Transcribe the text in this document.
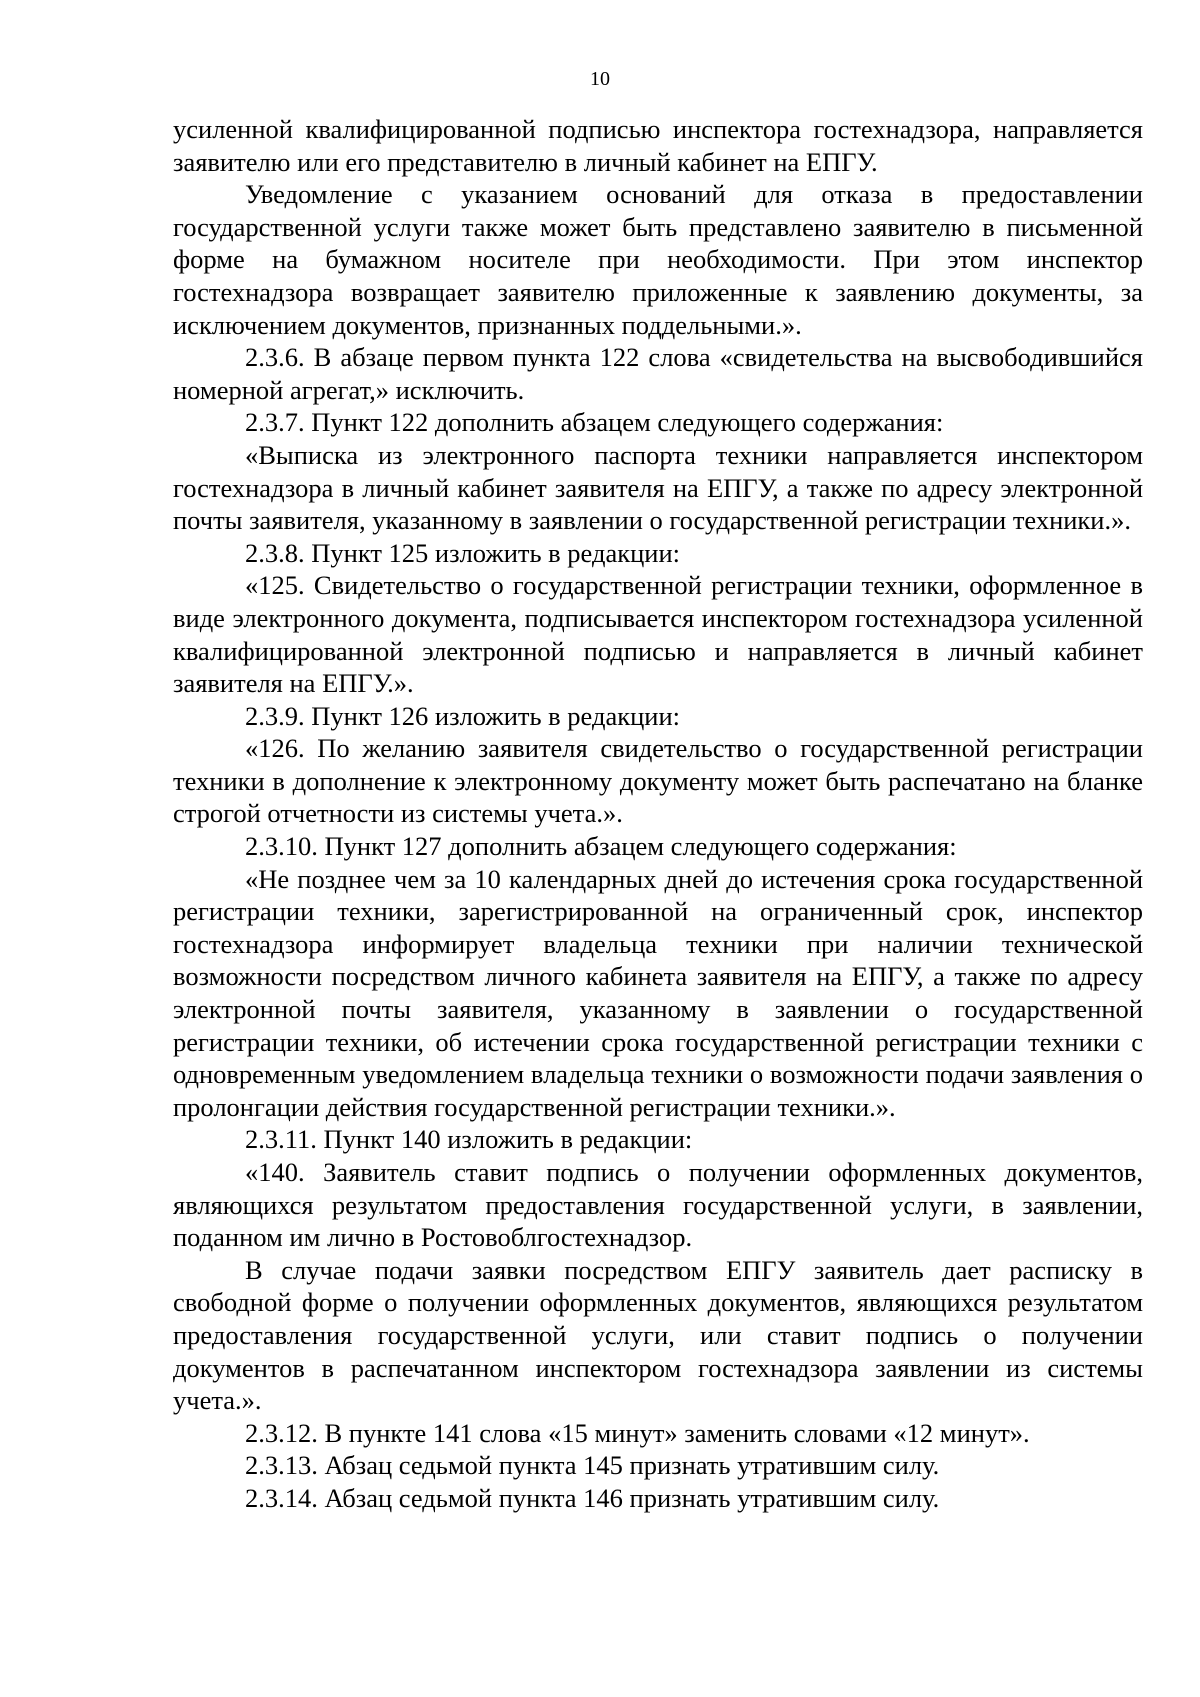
10

усиленной квалифицированной подписью инспектора гостехнадзора, направляется заявителю или его представителю в личный кабинет на ЕПГУ.

Уведомление с указанием оснований для отказа в предоставлении государственной услуги также может быть представлено заявителю в письменной форме на бумажном носителе при необходимости. При этом инспектор гостехнадзора возвращает заявителю приложенные к заявлению документы, за исключением документов, признанных поддельными.».

2.3.6. В абзаце первом пункта 122 слова «свидетельства на высвободившийся номерной агрегат,» исключить.

2.3.7. Пункт 122 дополнить абзацем следующего содержания:

«Выписка из электронного паспорта техники направляется инспектором гостехнадзора в личный кабинет заявителя на ЕПГУ, а также по адресу электронной почты заявителя, указанному в заявлении о государственной регистрации техники.».

2.3.8. Пункт 125 изложить в редакции:

«125. Свидетельство о государственной регистрации техники, оформленное в виде электронного документа, подписывается инспектором гостехнадзора усиленной квалифицированной электронной подписью и направляется в личный кабинет заявителя на ЕПГУ.».

2.3.9. Пункт 126 изложить в редакции:

«126. По желанию заявителя свидетельство о государственной регистрации техники в дополнение к электронному документу может быть распечатано на бланке строгой отчетности из системы учета.».

2.3.10. Пункт 127 дополнить абзацем следующего содержания:

«Не позднее чем за 10 календарных дней до истечения срока государственной регистрации техники, зарегистрированной на ограниченный срок, инспектор гостехнадзора информирует владельца техники при наличии технической возможности посредством личного кабинета заявителя на ЕПГУ, а также по адресу электронной почты заявителя, указанному в заявлении о государственной регистрации техники, об истечении срока государственной регистрации техники с одновременным уведомлением владельца техники о возможности подачи заявления о пролонгации действия государственной регистрации техники.».

2.3.11. Пункт 140 изложить в редакции:

«140. Заявитель ставит подпись о получении оформленных документов, являющихся результатом предоставления государственной услуги, в заявлении, поданном им лично в Ростовоблгостехнадзор.

В случае подачи заявки посредством ЕПГУ заявитель дает расписку в свободной форме о получении оформленных документов, являющихся результатом предоставления государственной услуги, или ставит подпись о получении документов в распечатанном инспектором гостехнадзора заявлении из системы учета.».

2.3.12. В пункте 141 слова «15 минут» заменить словами «12 минут».

2.3.13. Абзац седьмой пункта 145 признать утратившим силу.

2.3.14. Абзац седьмой пункта 146 признать утратившим силу.
